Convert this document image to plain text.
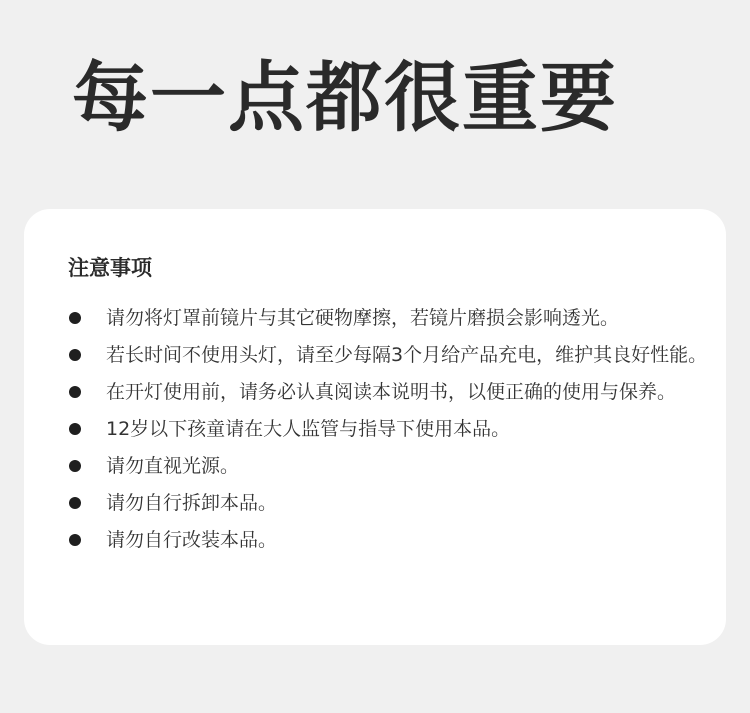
每一点都很重要
注意事项
请勿将灯罩前镜片与其它硬物摩擦，若镜片磨损会影响透光。
若长时间不使用头灯，请至少每隔3个月给产品充电，维护其良好性能。
在开灯使用前，请务必认真阅读本说明书，以便正确的使用与保养。
12岁以下孩童请在大人监管与指导下使用本品。
请勿直视光源。
请勿自行拆卸本品。
请勿自行改装本品。
